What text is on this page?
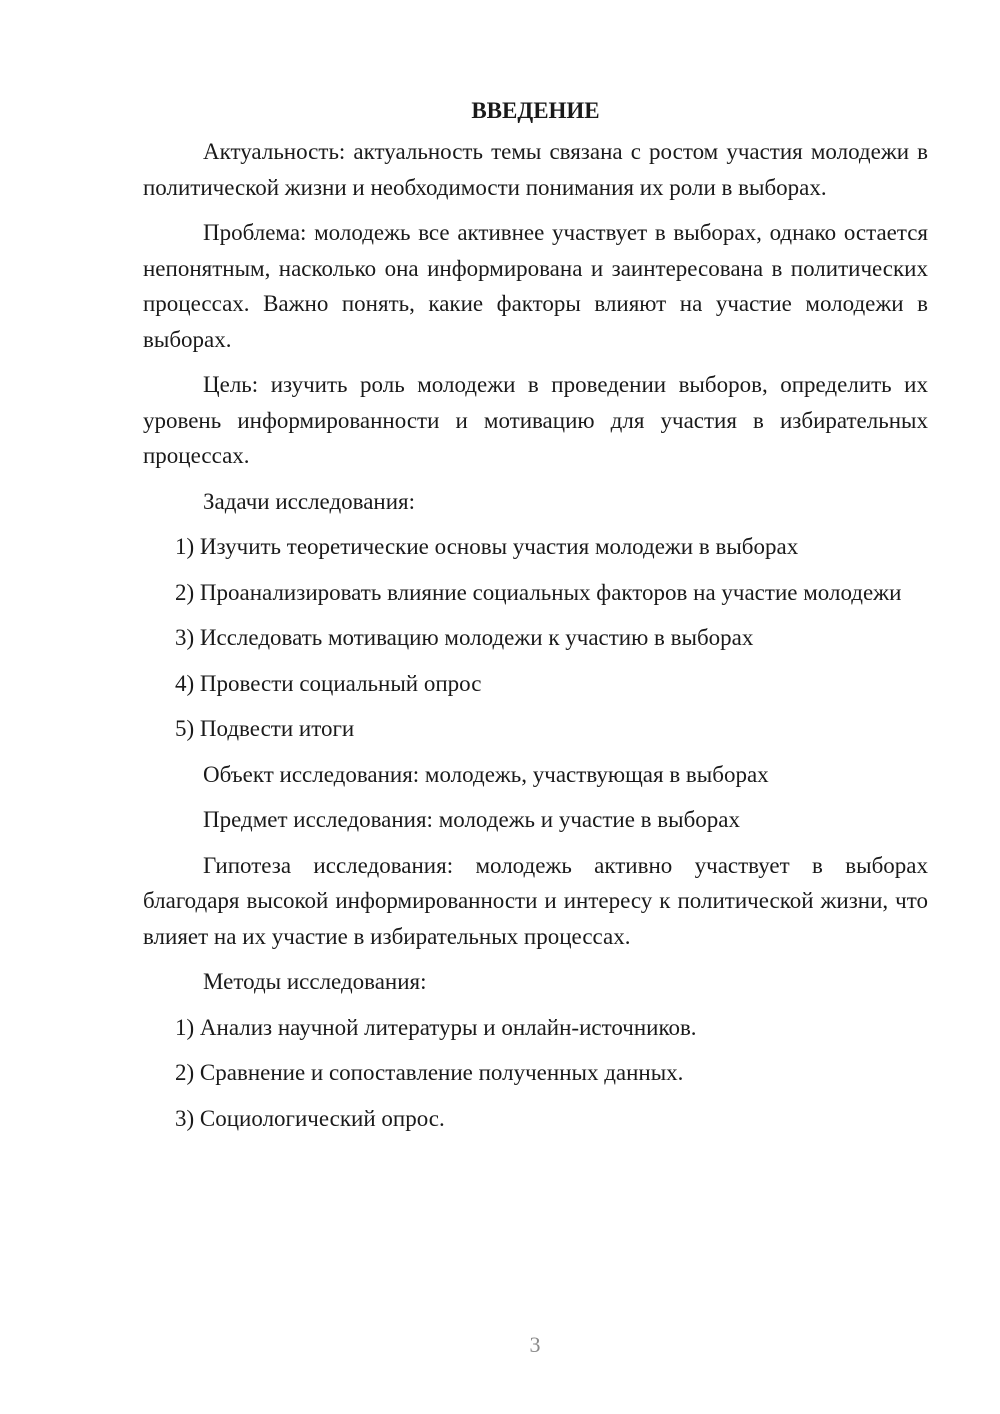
ВВЕДЕНИЕ

Актуальность: актуальность темы связана с ростом участия молодежи в политической жизни и необходимости понимания их роли в выборах.

Проблема: молодежь все активнее участвует в выборах, однако остается непонятным, насколько она информирована и заинтересована в политических процессах. Важно понять, какие факторы влияют на участие молодежи в выборах.

Цель: изучить роль молодежи в проведении выборов, определить их уровень информированности и мотивацию для участия в избирательных процессах.

Задачи исследования:

1) Изучить теоретические основы участия молодежи в выборах

2) Проанализировать влияние социальных факторов на участие молодежи

3) Исследовать мотивацию молодежи к участию в выборах

4) Провести социальный опрос

5) Подвести итоги

Объект исследования: молодежь, участвующая в выборах

Предмет исследования: молодежь и участие в выборах

Гипотеза исследования: молодежь активно участвует в выборах благодаря высокой информированности и интересу к политической жизни, что влияет на их участие в избирательных процессах.

Методы исследования:

1) Анализ научной литературы и онлайн-источников.

2) Сравнение и сопоставление полученных данных.

3) Социологический опрос.

3
